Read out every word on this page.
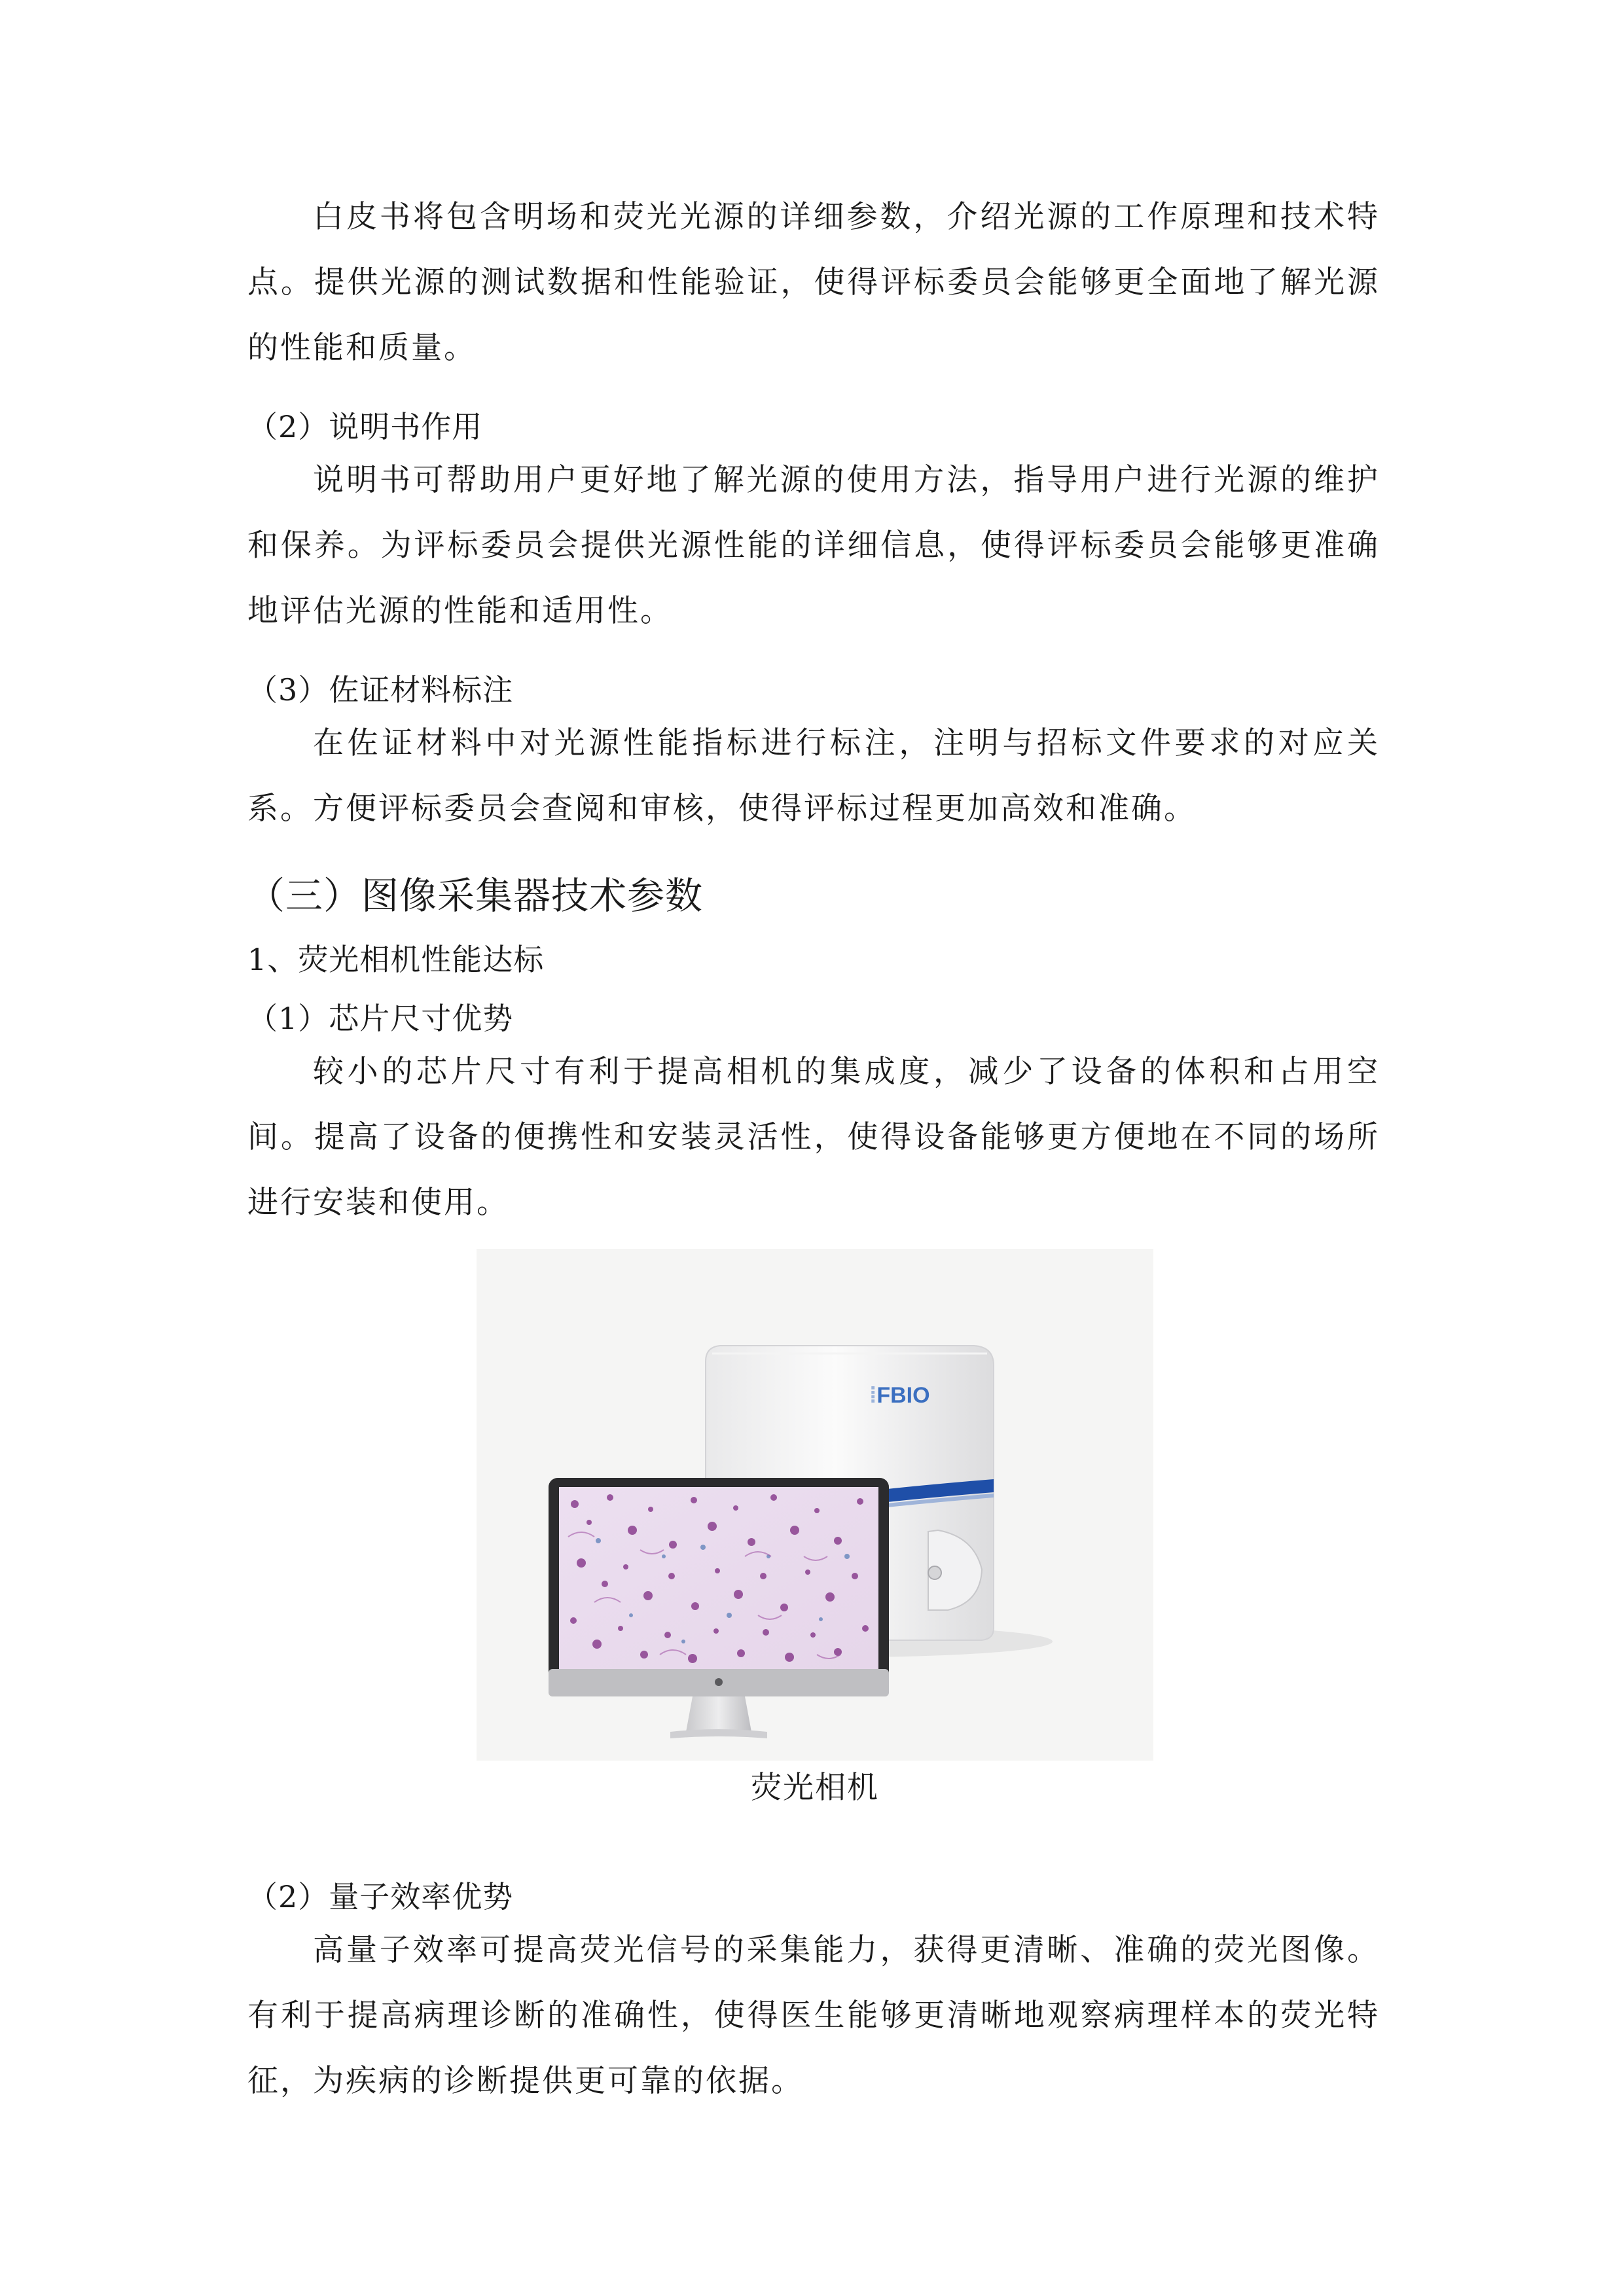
白皮书将包含明场和荧光光源的详细参数，介绍光源的工作原理和技术特点。提供光源的测试数据和性能验证，使得评标委员会能够更全面地了解光源的性能和质量。

（2）说明书作用

说明书可帮助用户更好地了解光源的使用方法，指导用户进行光源的维护和保养。为评标委员会提供光源性能的详细信息，使得评标委员会能够更准确地评估光源的性能和适用性。

（3）佐证材料标注

在佐证材料中对光源性能指标进行标注，注明与招标文件要求的对应关系。方便评标委员会查阅和审核，使得评标过程更加高效和准确。

（三）图像采集器技术参数
1、荧光相机性能达标
（1）芯片尺寸优势

较小的芯片尺寸有利于提高相机的集成度，减少了设备的体积和占用空间。提高了设备的便携性和安装灵活性，使得设备能够更方便地在不同的场所进行安装和使用。

⁞FBIO
荧光相机
（2）量子效率优势

高量子效率可提高荧光信号的采集能力，获得更清晰、准确的荧光图像。有利于提高病理诊断的准确性，使得医生能够更清晰地观察病理样本的荧光特征，为疾病的诊断提供更可靠的依据。
